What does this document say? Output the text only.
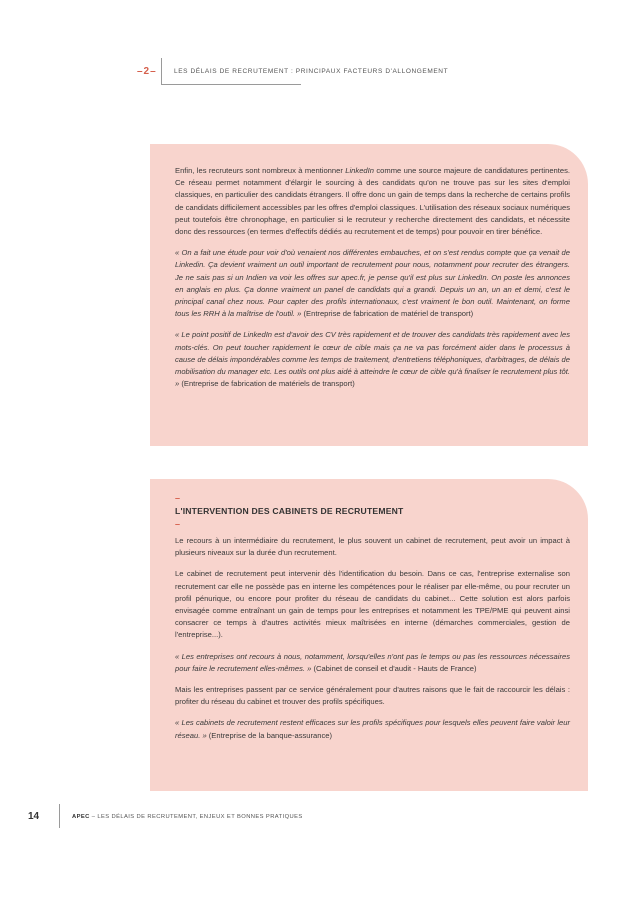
–2–	LES DÉLAIS DE RECRUTEMENT : PRINCIPAUX FACTEURS D'ALLONGEMENT

Enfin, les recruteurs sont nombreux à mentionner LinkedIn comme une source majeure de candidatures pertinentes. Ce réseau permet notamment d'élargir le sourcing à des candidats qu'on ne trouve pas sur les sites d'emploi classiques, en particulier des candidats étrangers. Il offre donc un gain de temps dans la recherche de certains profils de candidats difficilement accessibles par les offres d'emploi classiques. L'utilisation des réseaux sociaux numériques peut toutefois être chronophage, en particulier si le recruteur y recherche directement des candidats, et nécessite donc des ressources (en termes d'effectifs dédiés au recrutement et de temps) pour pouvoir en tirer bénéfice.

« On a fait une étude pour voir d'où venaient nos différentes embauches, et on s'est rendus compte que ça venait de Linkedin. Ça devient vraiment un outil important de recrutement pour nous, notamment pour recruter des étrangers. Je ne sais pas si un Indien va voir les offres sur apec.fr, je pense qu'il est plus sur LinkedIn. On poste les annonces en anglais en plus. Ça donne vraiment un panel de candidats qui a grandi. Depuis un an, un an et demi, c'est le principal canal chez nous. Pour capter des profils internationaux, c'est vraiment le bon outil. Maintenant, on forme tous les RRH à la maîtrise de l'outil. » (Entreprise de fabrication de matériel de transport)

« Le point positif de LinkedIn est d'avoir des CV très rapidement et de trouver des candidats très rapidement avec les mots-clés. On peut toucher rapidement le cœur de cible mais ça ne va pas forcément aider dans le processus à cause de délais impondérables comme les temps de traitement, d'entretiens téléphoniques, d'arbitrages, de délais de mobilisation du manager etc. Les outils ont plus aidé à atteindre le cœur de cible qu'à finaliser le recrutement plus tôt. » (Entreprise de fabrication de matériels de transport)

–
L'INTERVENTION DES CABINETS DE RECRUTEMENT
–

Le recours à un intermédiaire du recrutement, le plus souvent un cabinet de recrutement, peut avoir un impact à plusieurs niveaux sur la durée d'un recrutement.

Le cabinet de recrutement peut intervenir dès l'identification du besoin. Dans ce cas, l'entreprise externalise son recrutement car elle ne possède pas en interne les compétences pour le réaliser par elle-même, ou pour recruter un profil pénurique, ou encore pour profiter du réseau de candidats du cabinet... Cette solution est alors parfois envisagée comme entraînant un gain de temps pour les entreprises et notamment les TPE/PME qui peuvent ainsi consacrer ce temps à d'autres activités mieux maîtrisées en interne (démarches commerciales, gestion de l'entreprise...).

« Les entreprises ont recours à nous, notamment, lorsqu'elles n'ont pas le temps ou pas les ressources nécessaires pour faire le recrutement elles-mêmes. » (Cabinet de conseil et d'audit - Hauts de France)

Mais les entreprises passent par ce service généralement pour d'autres raisons que le fait de raccourcir les délais : profiter du réseau du cabinet et trouver des profils spécifiques.

« Les cabinets de recrutement restent efficaces sur les profils spécifiques pour lesquels elles peuvent faire valoir leur réseau. » (Entreprise de la banque-assurance)

14	APEC – LES DÉLAIS DE RECRUTEMENT, ENJEUX ET BONNES PRATIQUES
